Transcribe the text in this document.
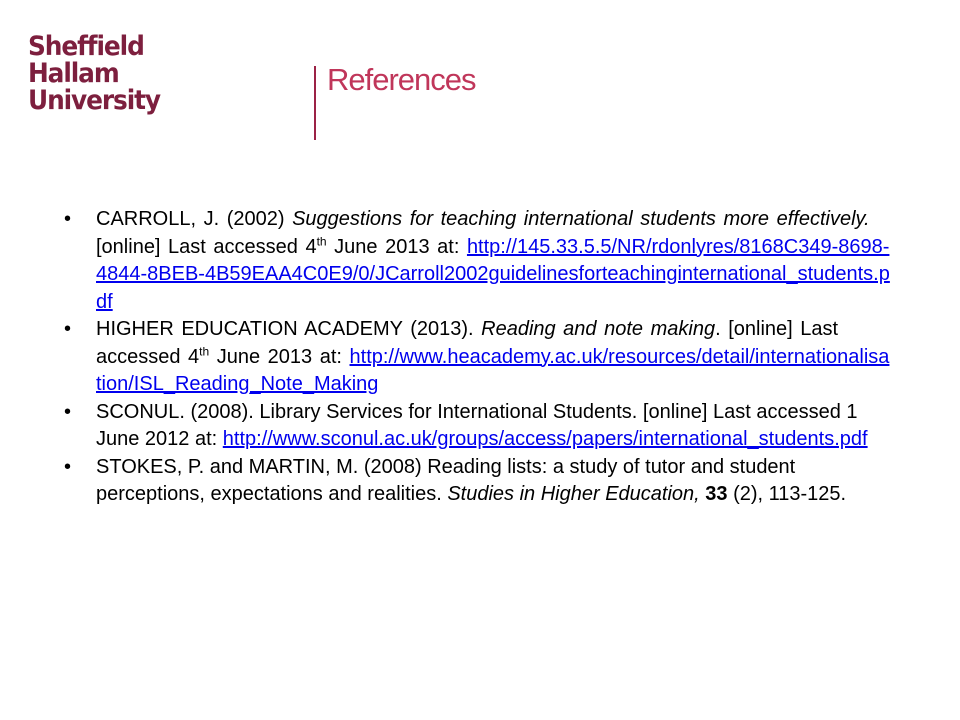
Sheffield
Hallam
University
References
• CARROLL, J. (2002) Suggestions for teaching international students more effectively. [online] Last accessed 4th June 2013 at: http://145.33.5.5/NR/rdonlyres/8168C349-8698-4844-8BEB-4B59EAA4C0E9/0/JCarroll2002guidelinesforteachinginternational_students.pdf
• HIGHER EDUCATION ACADEMY (2013). Reading and note making. [online] Last accessed 4th June 2013 at: http://www.heacademy.ac.uk/resources/detail/internationalisation/ISL_Reading_Note_Making
• SCONUL. (2008). Library Services for International Students. [online] Last accessed 1 June 2012 at: http://www.sconul.ac.uk/groups/access/papers/international_students.pdf
• STOKES, P. and MARTIN, M. (2008) Reading lists: a study of tutor and student perceptions, expectations and realities. Studies in Higher Education, 33 (2), 113-125.
